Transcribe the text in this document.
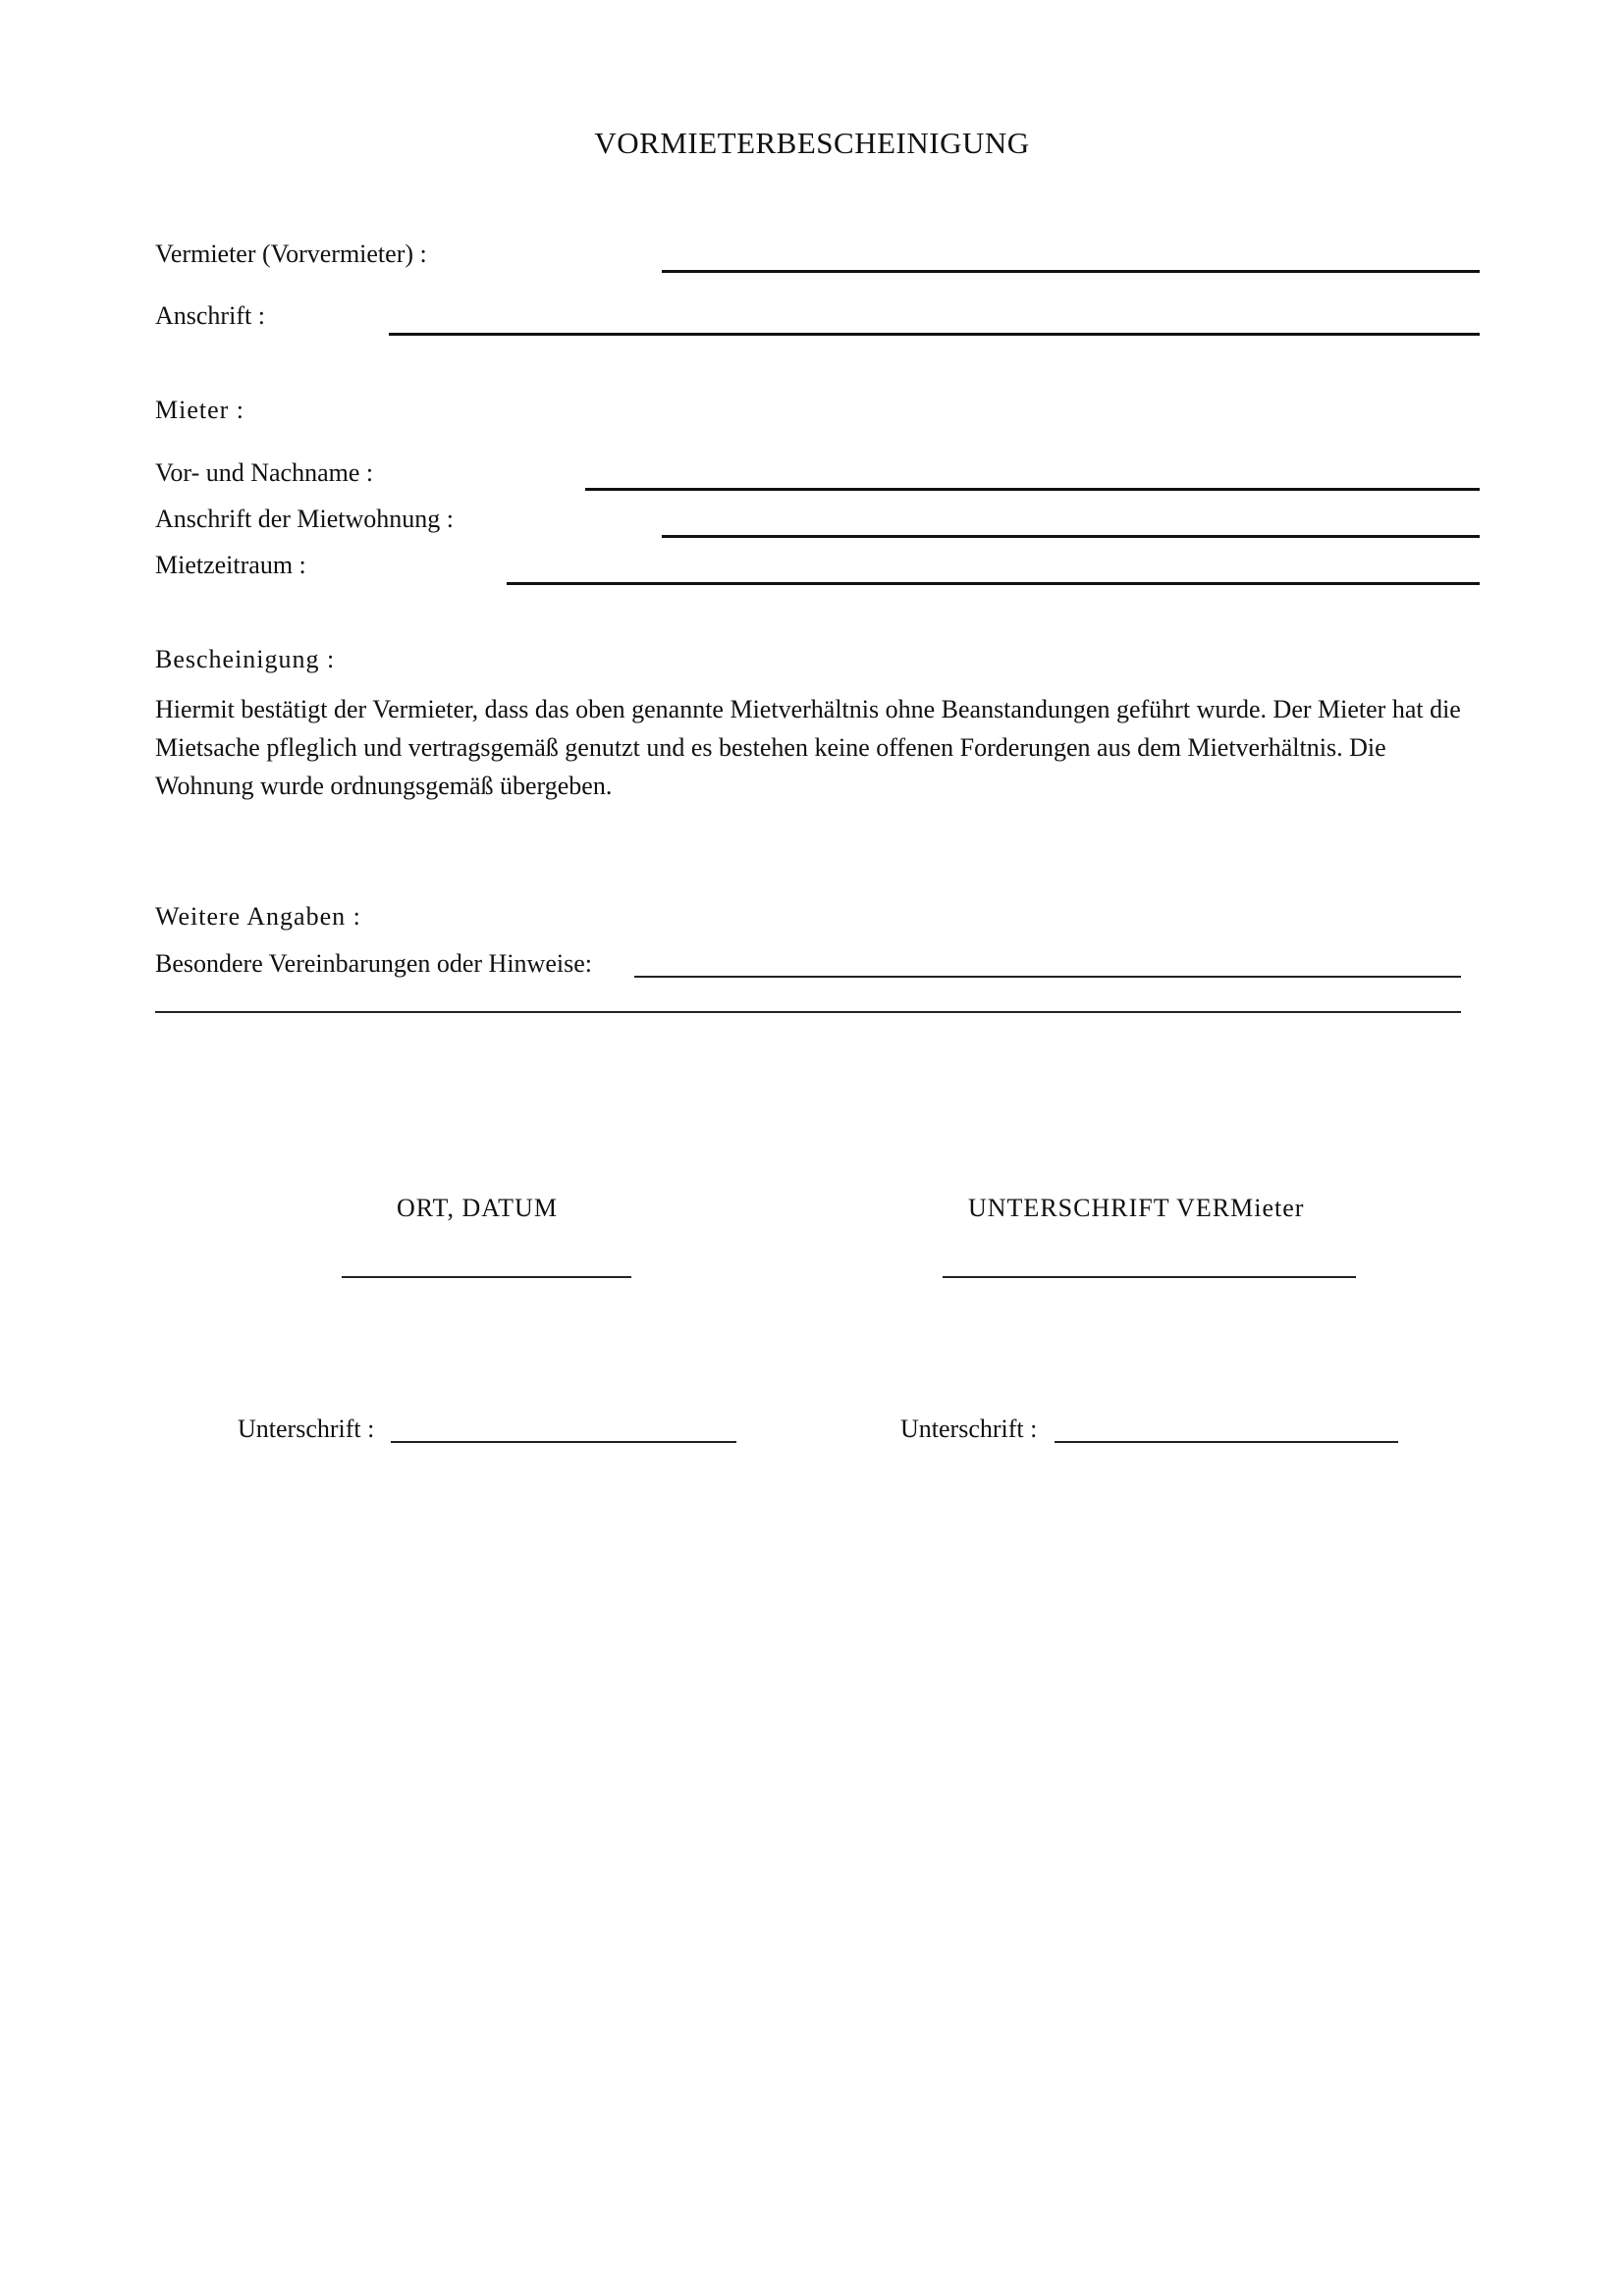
VORMIETERBESCHEINIGUNG
Vermieter (Vorvermieter) :
Anschrift :
Mieter :
Vor- und Nachname :
Anschrift der Mietwohnung :
Mietzeitraum :
Bescheinigung :
Hiermit bestätigt der Vermieter, dass das oben genannte Mietverhältnis ohne Beanstandungen geführt wurde. Der Mieter hat die Mietsache pfleglich und vertragsgemäß genutzt und es bestehen keine offenen Forderungen aus dem Mietverhältnis. Die Wohnung wurde ordnungsgemäß übergeben.
Weitere Angaben :
Besondere Vereinbarungen oder Hinweise:
ORT, DATUM	UNTERSCHRIFT VERMieter
Unterschrift :	Unterschrift :
